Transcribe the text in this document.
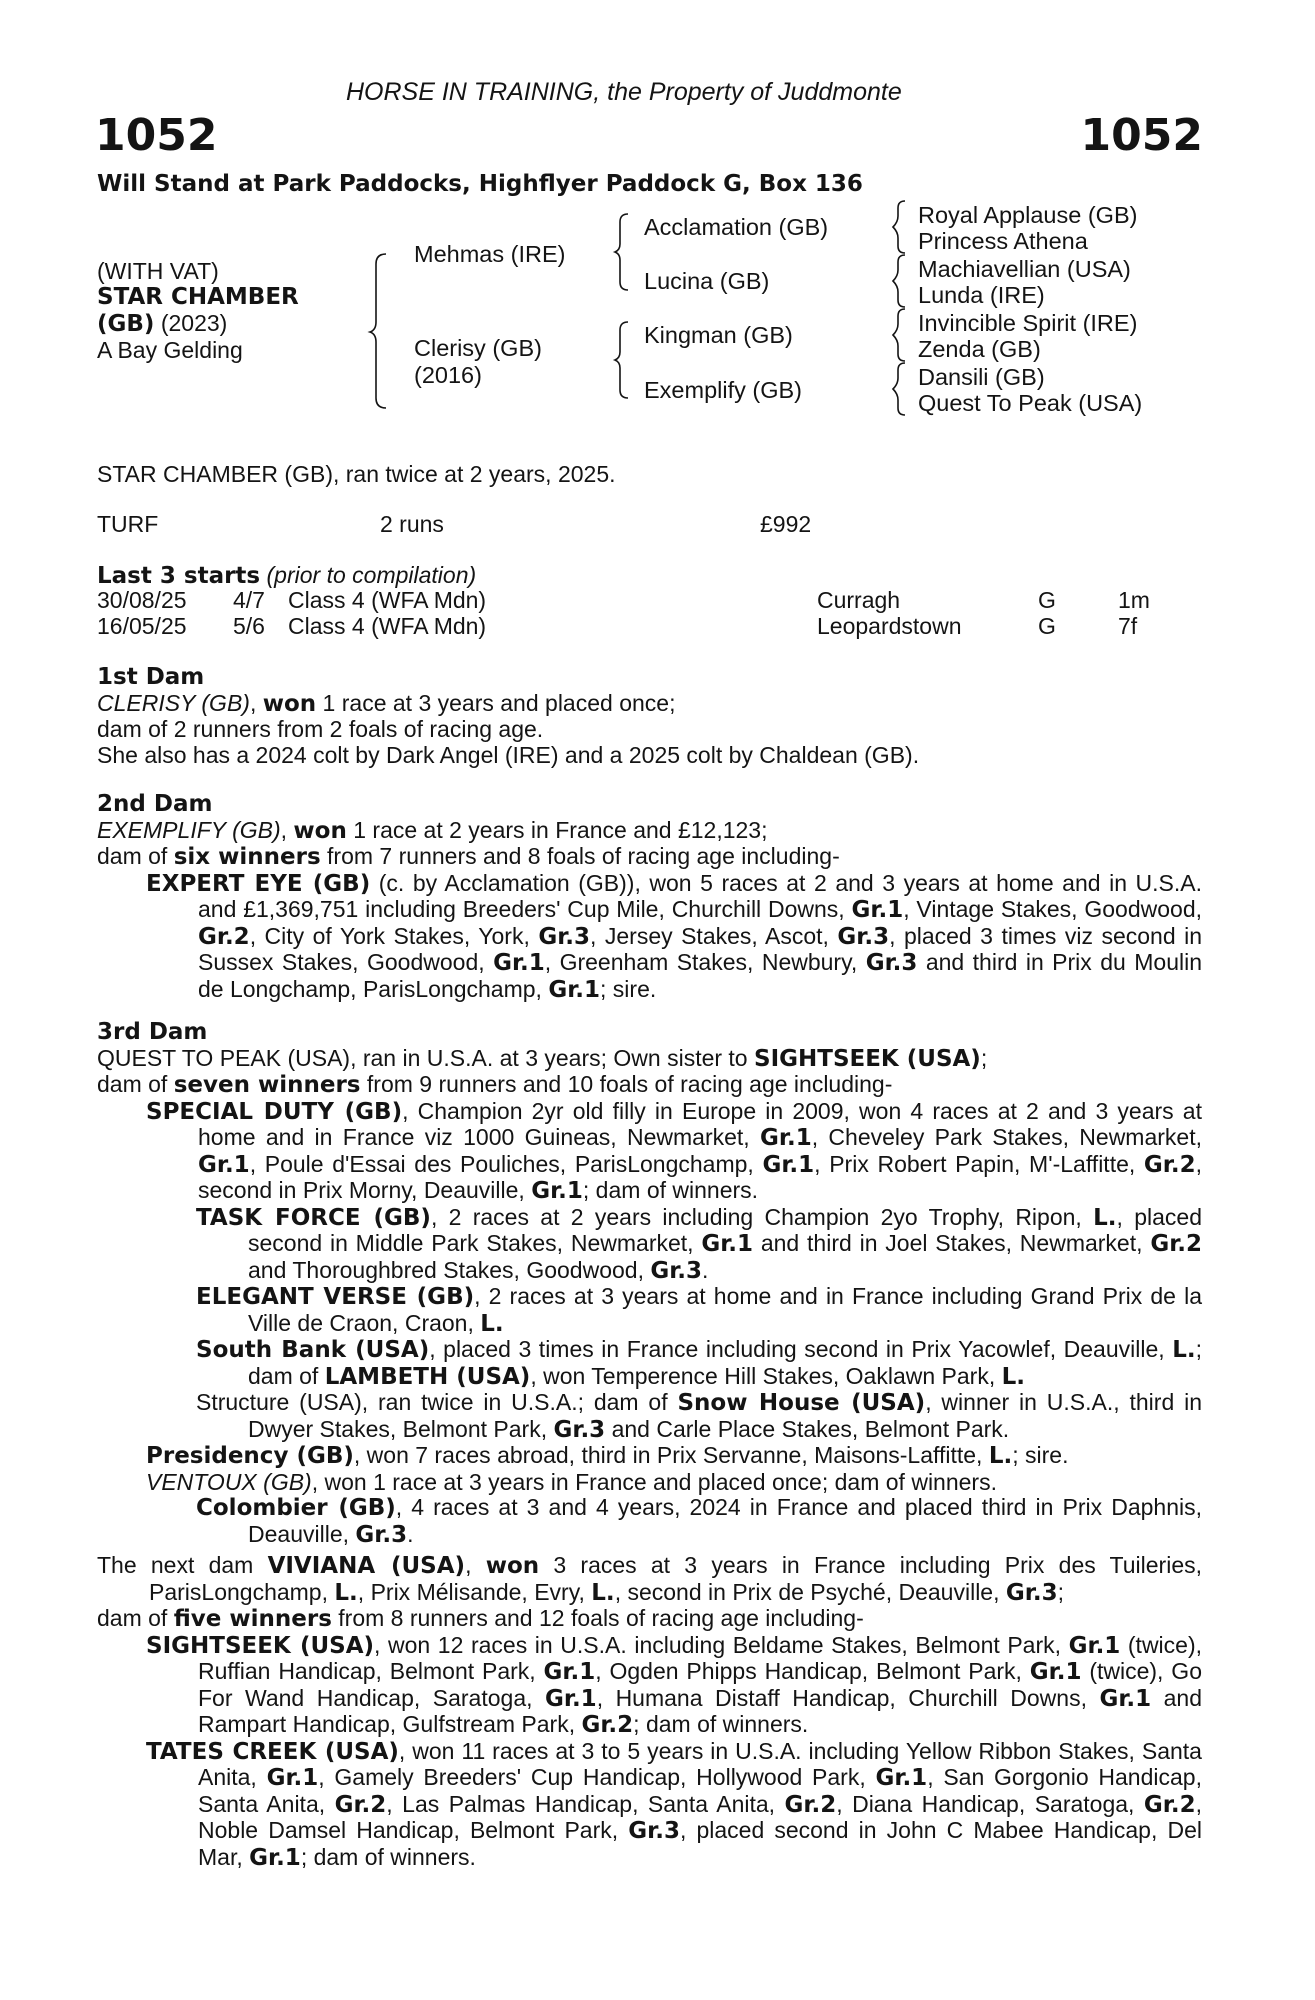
HORSE IN TRAINING, the Property of Juddmonte
1052	1052
Will Stand at Park Paddocks, Highflyer Paddock G, Box 136
(WITH VAT)
STAR CHAMBER
(GB) (2023)
A Bay Gelding
Mehmas (IRE)
Clerisy (GB)
(2016)
Acclamation (GB)
Lucina (GB)
Kingman (GB)
Exemplify (GB)
Royal Applause (GB)
Princess Athena
Machiavellian (USA)
Lunda (IRE)
Invincible Spirit (IRE)
Zenda (GB)
Dansili (GB)
Quest To Peak (USA)
STAR CHAMBER (GB), ran twice at 2 years, 2025.
TURF	2 runs	£992
Last 3 starts (prior to compilation)
30/08/25 4/7 Class 4 (WFA Mdn)	Curragh	G	1m
16/05/25 5/6 Class 4 (WFA Mdn)	Leopardstown	G	7f

1st Dam

CLERISY (GB), won 1 race at 3 years and placed once;

dam of 2 runners from 2 foals of racing age.

She also has a 2024 colt by Dark Angel (IRE) and a 2025 colt by Chaldean (GB).

2nd Dam

EXEMPLIFY (GB), won 1 race at 2 years in France and £12,123;

dam of six winners from 7 runners and 8 foals of racing age including-

EXPERT EYE (GB) (c. by Acclamation (GB)), won 5 races at 2 and 3 years at home and in U.S.A. and £1,369,751 including Breeders' Cup Mile, Churchill Downs, Gr.1, Vintage Stakes, Goodwood, Gr.2, City of York Stakes, York, Gr.3, Jersey Stakes, Ascot, Gr.3, placed 3 times viz second in Sussex Stakes, Goodwood, Gr.1, Greenham Stakes, Newbury, Gr.3 and third in Prix du Moulin de Longchamp, ParisLongchamp, Gr.1; sire.

3rd Dam

QUEST TO PEAK (USA), ran in U.S.A. at 3 years; Own sister to SIGHTSEEK (USA);

dam of seven winners from 9 runners and 10 foals of racing age including-

SPECIAL DUTY (GB), Champion 2yr old filly in Europe in 2009, won 4 races at 2 and 3 years at home and in France viz 1000 Guineas, Newmarket, Gr.1, Cheveley Park Stakes, Newmarket, Gr.1, Poule d'Essai des Pouliches, ParisLongchamp, Gr.1, Prix Robert Papin, M'-Laffitte, Gr.2, second in Prix Morny, Deauville, Gr.1; dam of winners.

TASK FORCE (GB), 2 races at 2 years including Champion 2yo Trophy, Ripon, L., placed second in Middle Park Stakes, Newmarket, Gr.1 and third in Joel Stakes, Newmarket, Gr.2 and Thoroughbred Stakes, Goodwood, Gr.3.

ELEGANT VERSE (GB), 2 races at 3 years at home and in France including Grand Prix de la Ville de Craon, Craon, L.

South Bank (USA), placed 3 times in France including second in Prix Yacowlef, Deauville, L.; dam of LAMBETH (USA), won Temperence Hill Stakes, Oaklawn Park, L.

Structure (USA), ran twice in U.S.A.; dam of Snow House (USA), winner in U.S.A., third in Dwyer Stakes, Belmont Park, Gr.3 and Carle Place Stakes, Belmont Park.

Presidency (GB), won 7 races abroad, third in Prix Servanne, Maisons-Laffitte, L.; sire.

VENTOUX (GB), won 1 race at 3 years in France and placed once; dam of winners.

Colombier (GB), 4 races at 3 and 4 years, 2024 in France and placed third in Prix Daphnis, Deauville, Gr.3.

The next dam VIVIANA (USA), won 3 races at 3 years in France including Prix des Tuileries, ParisLongchamp, L., Prix Mélisande, Evry, L., second in Prix de Psyché, Deauville, Gr.3;

dam of five winners from 8 runners and 12 foals of racing age including-

SIGHTSEEK (USA), won 12 races in U.S.A. including Beldame Stakes, Belmont Park, Gr.1 (twice), Ruffian Handicap, Belmont Park, Gr.1, Ogden Phipps Handicap, Belmont Park, Gr.1 (twice), Go For Wand Handicap, Saratoga, Gr.1, Humana Distaff Handicap, Churchill Downs, Gr.1 and Rampart Handicap, Gulfstream Park, Gr.2; dam of winners.

TATES CREEK (USA), won 11 races at 3 to 5 years in U.S.A. including Yellow Ribbon Stakes, Santa Anita, Gr.1, Gamely Breeders' Cup Handicap, Hollywood Park, Gr.1, San Gorgonio Handicap, Santa Anita, Gr.2, Las Palmas Handicap, Santa Anita, Gr.2, Diana Handicap, Saratoga, Gr.2, Noble Damsel Handicap, Belmont Park, Gr.3, placed second in John C Mabee Handicap, Del Mar, Gr.1; dam of winners.
